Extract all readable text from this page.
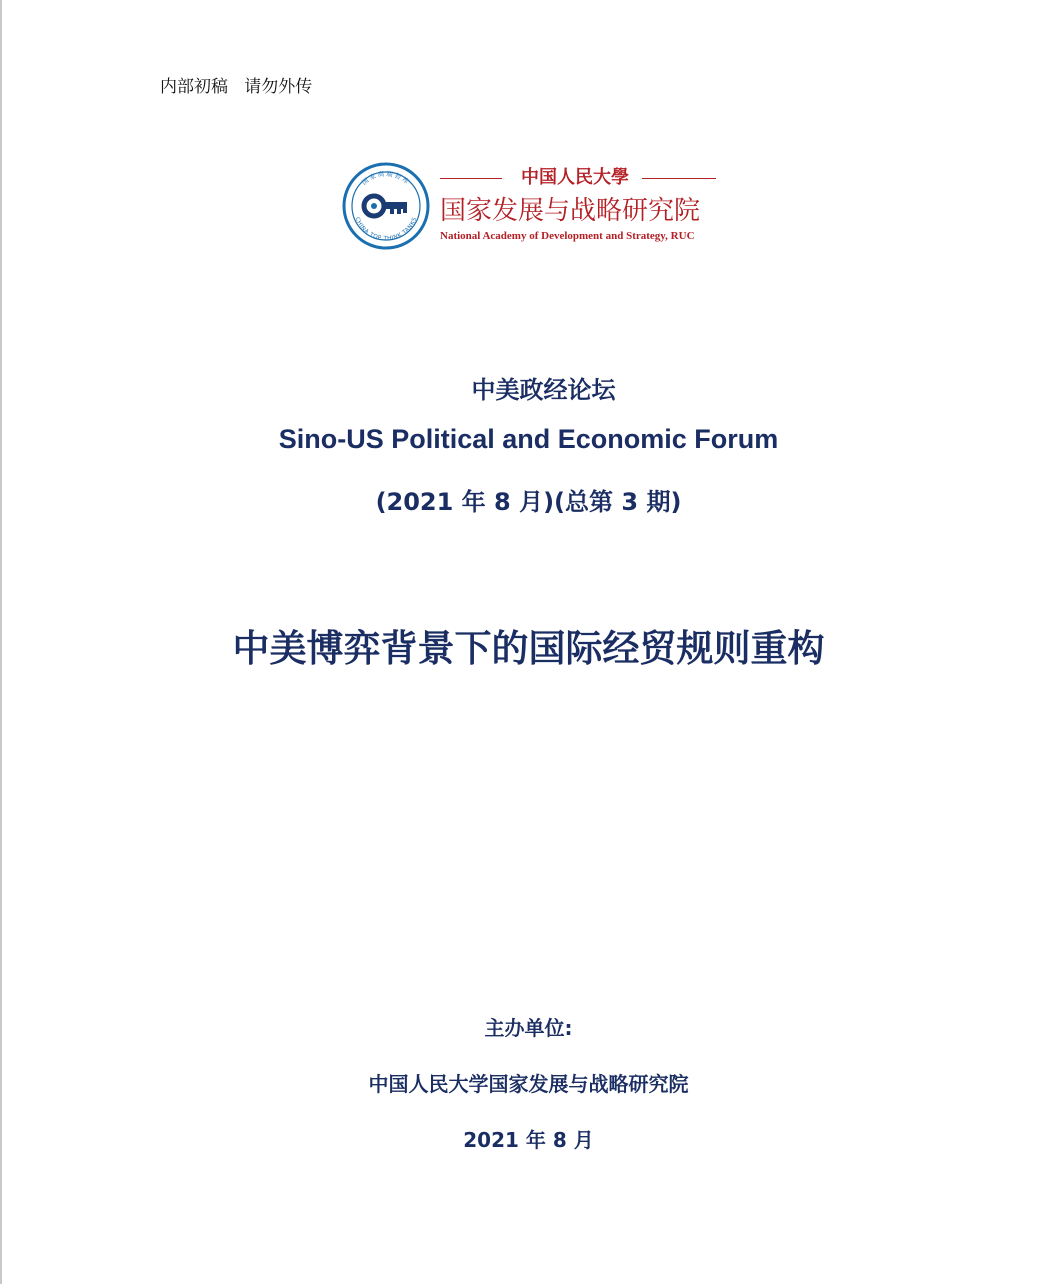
内部初稿   请勿外传
国家高端智库
CHINA TOP THINK TANKS
中国人民大學
国家发展与战略研究院
National Academy of Development and Strategy, RUC
中美政经论坛
Sino-US Political and Economic Forum
(2021 年 8 月)(总第 3 期)
中美博弈背景下的国际经贸规则重构
主办单位:
中国人民大学国家发展与战略研究院
2021 年 8 月
